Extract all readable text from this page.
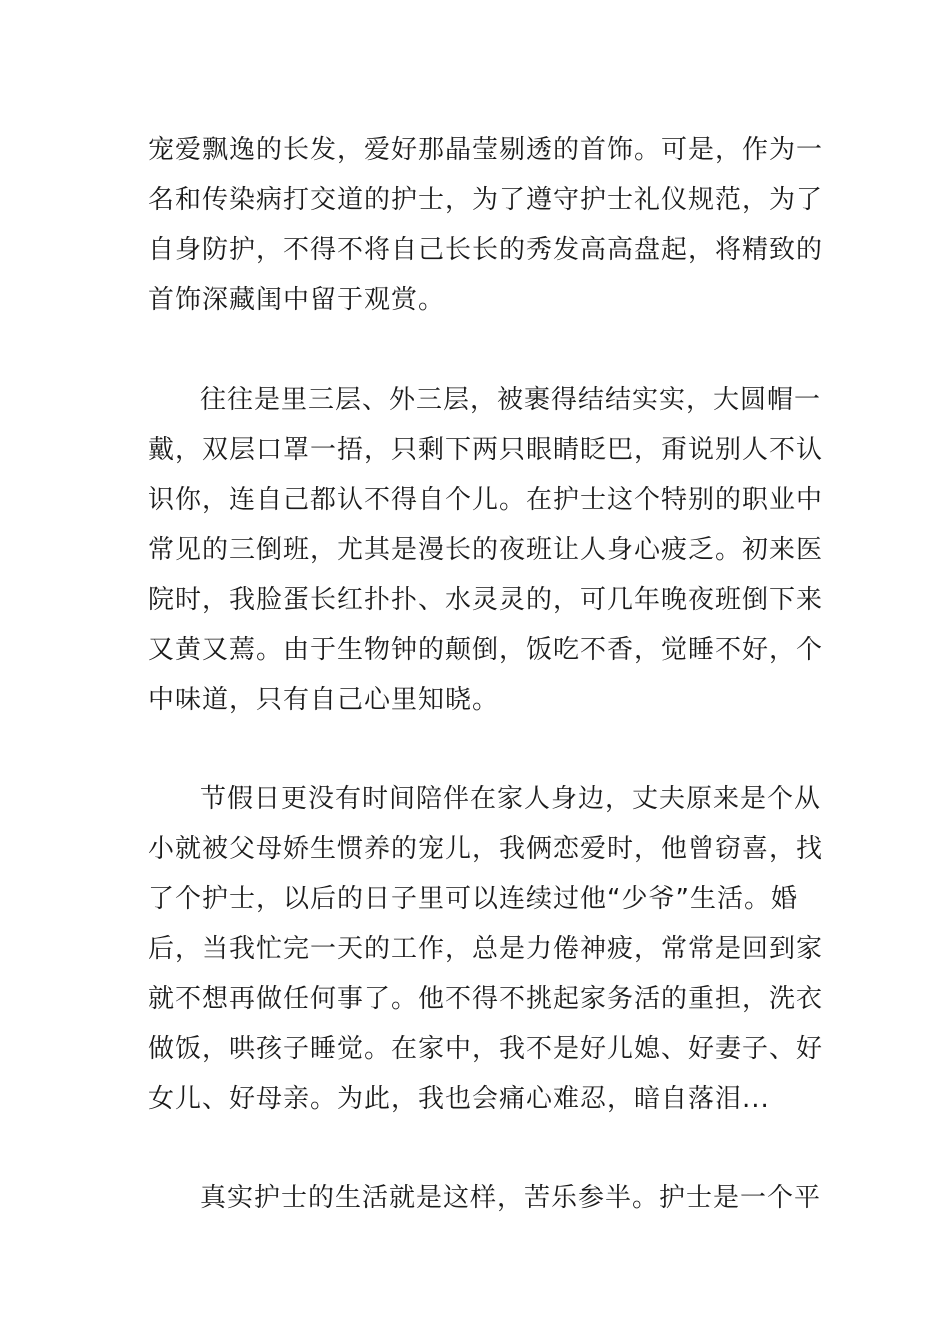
宠爱飘逸的长发，爱好那晶莹剔透的首饰。可是，作为一
名和传染病打交道的护士，为了遵守护士礼仪规范，为了
自身防护，不得不将自己长长的秀发高高盘起，将精致的
首饰深藏闺中留于观赏。
往往是里三层、外三层，被裹得结结实实，大圆帽一
戴，双层口罩一捂，只剩下两只眼睛眨巴，甭说别人不认
识你，连自己都认不得自个儿。在护士这个特别的职业中
常见的三倒班，尤其是漫长的夜班让人身心疲乏。初来医
院时，我脸蛋长红扑扑、水灵灵的，可几年晚夜班倒下来
又黄又蔫。由于生物钟的颠倒，饭吃不香，觉睡不好，个
中味道，只有自己心里知晓。
节假日更没有时间陪伴在家人身边，丈夫原来是个从
小就被父母娇生惯养的宠儿，我俩恋爱时，他曾窃喜，找
了个护士，以后的日子里可以连续过他“少爷”生活。婚
后，当我忙完一天的工作，总是力倦神疲，常常是回到家
就不想再做任何事了。他不得不挑起家务活的重担，洗衣
做饭，哄孩子睡觉。在家中，我不是好儿媳、好妻子、好
女儿、好母亲。为此，我也会痛心难忍，暗自落泪...
真实护士的生活就是这样，苦乐参半。护士是一个平
